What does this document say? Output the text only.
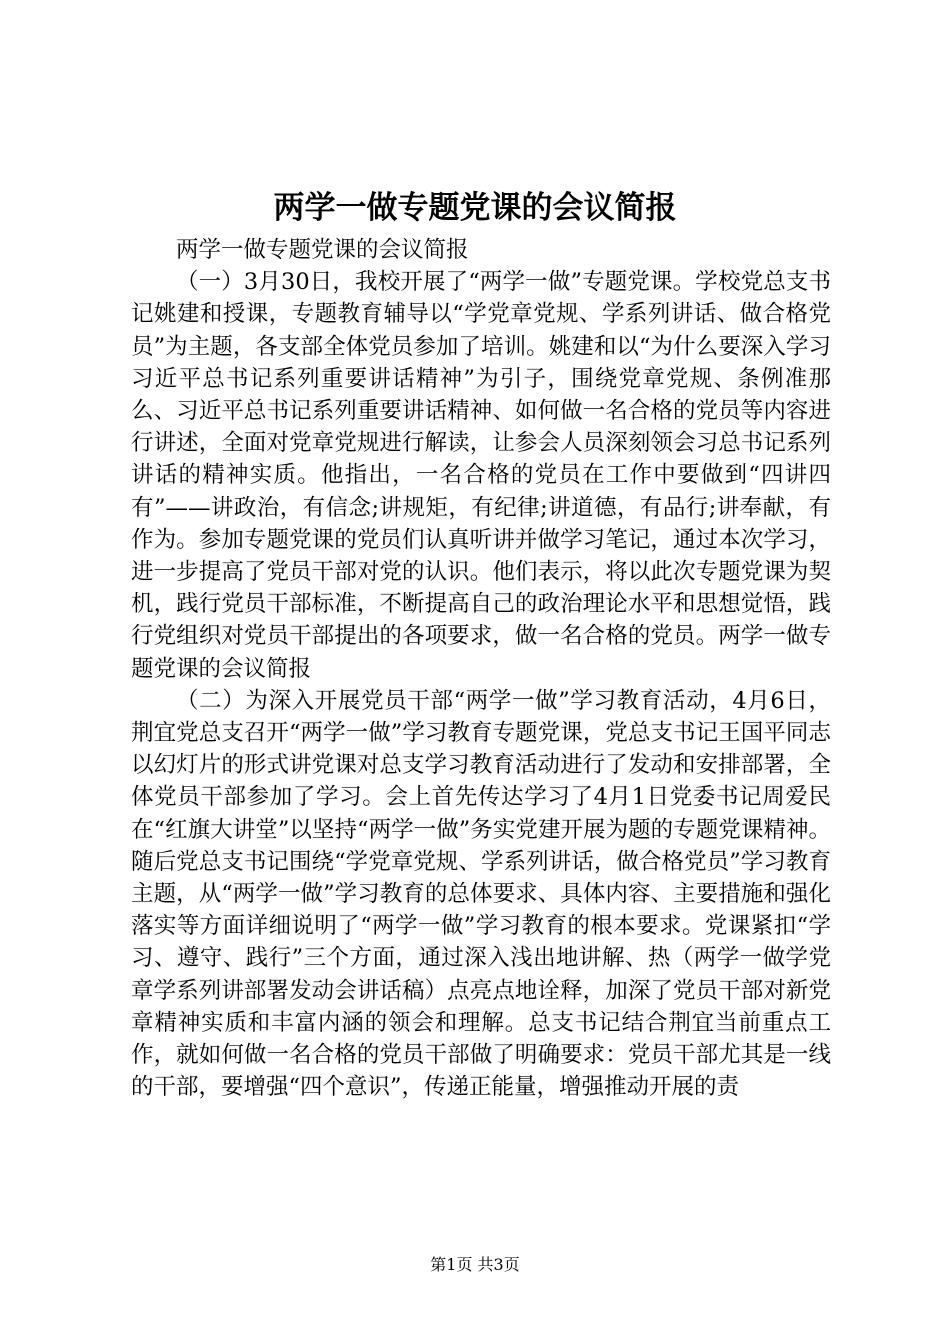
两学一做专题党课的会议简报
两学一做专题党课的会议简报

（一）3月30日，我校开展了“两学一做”专题党课。学校党总支书记姚建和授课，专题教育辅导以“学党章党规、学系列讲话、做合格党员”为主题，各支部全体党员参加了培训。姚建和以“为什么要深入学习习近平总书记系列重要讲话精神”为引子，围绕党章党规、条例准那么、习近平总书记系列重要讲话精神、如何做一名合格的党员等内容进行讲述，全面对党章党规进行解读，让参会人员深刻领会习总书记系列讲话的精神实质。他指出，一名合格的党员在工作中要做到“四讲四有”——讲政治，有信念;讲规矩，有纪律;讲道德，有品行;讲奉献，有作为。参加专题党课的党员们认真听讲并做学习笔记，通过本次学习，进一步提高了党员干部对党的认识。他们表示，将以此次专题党课为契机，践行党员干部标准，不断提高自己的政治理论水平和思想觉悟，践行党组织对党员干部提出的各项要求，做一名合格的党员。两学一做专题党课的会议简报

（二）为深入开展党员干部“两学一做”学习教育活动，4月6日，荆宜党总支召开“两学一做”学习教育专题党课，党总支书记王国平同志以幻灯片的形式讲党课对总支学习教育活动进行了发动和安排部署，全体党员干部参加了学习。会上首先传达学习了4月1日党委书记周爱民在“红旗大讲堂”以坚持“两学一做”务实党建开展为题的专题党课精神。随后党总支书记围绕“学党章党规、学系列讲话，做合格党员”学习教育主题，从“两学一做”学习教育的总体要求、具体内容、主要措施和强化落实等方面详细说明了“两学一做”学习教育的根本要求。党课紧扣“学习、遵守、践行”三个方面，通过深入浅出地讲解、热（两学一做学党章学系列讲部署发动会讲话稿）点亮点地诠释，加深了党员干部对新党章精神实质和丰富内涵的领会和理解。总支书记结合荆宜当前重点工作，就如何做一名合格的党员干部做了明确要求：党员干部尤其是一线的干部，要增强“四个意识”，传递正能量，增强推动开展的责

第1页 共3页
